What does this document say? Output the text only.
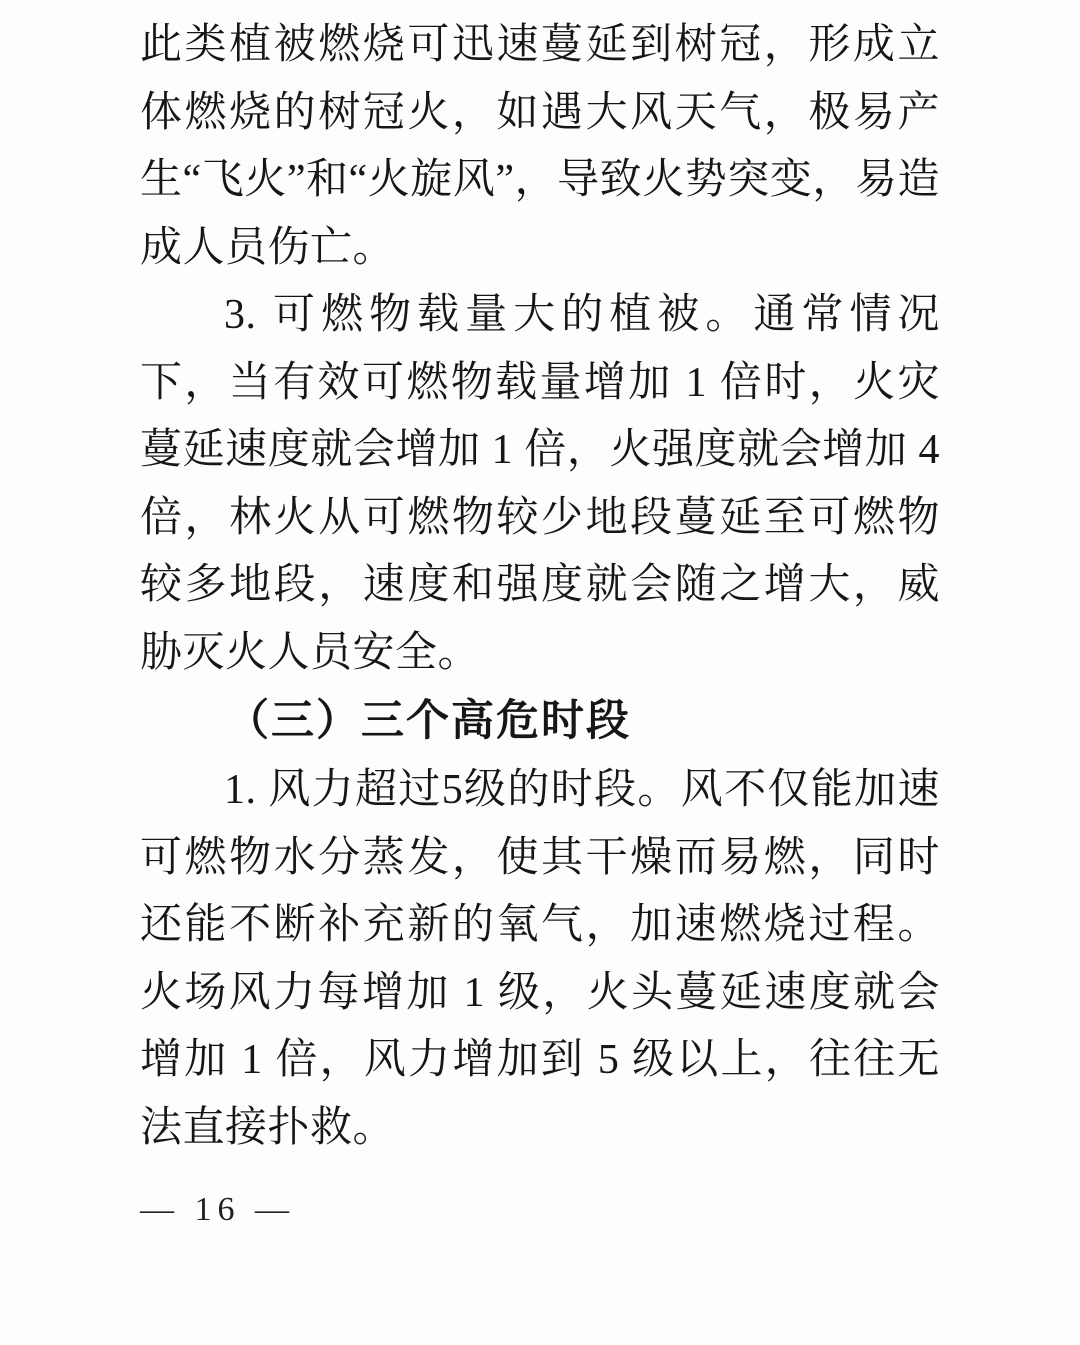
此类植被燃烧可迅速蔓延到树冠，形成立体燃烧的树冠火，如遇大风天气，极易产生“飞火”和“火旋风”，导致火势突变，易造成人员伤亡。

3. 可燃物载量大的植被。通常情况下，当有效可燃物载量增加 1 倍时，火灾蔓延速度就会增加 1 倍，火强度就会增加 4 倍，林火从可燃物较少地段蔓延至可燃物较多地段，速度和强度就会随之增大，威胁灭火人员安全。

（三）三个高危时段

1. 风力超过5级的时段。风不仅能加速可燃物水分蒸发，使其干燥而易燃，同时还能不断补充新的氧气，加速燃烧过程。火场风力每增加 1 级，火头蔓延速度就会增加 1 倍，风力增加到 5 级以上，往往无法直接扑救。

— 16 —
